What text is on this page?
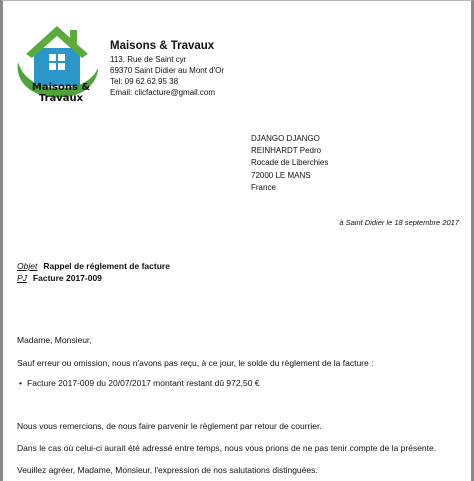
Maisons &
Travaux
Maisons & Travaux
113, Rue de Saint cyr
69370 Saint Didier au Mont d'Or
Tel: 09 62 62 95 38
Email: clicfacture@gmail.com
DJANGO DJANGO
REINHARDT Pedro
Rocade de Liberchies
72000 LE MANS
France
à Saint Didier le 18 septembre 2017
Objet Rappel de réglement de facture
PJ Facture 2017-009
Madame, Monsieur,
Sauf erreur ou omission, nous n'avons pas reçu, à ce jour, le solde du règlement de la facture :
• Facture 2017-009 du 20/07/2017 montant restant dû 972,50 €
Nous vous remercions, de nous faire parvenir le règlement par retour de courrier.
Dans le cas où celui-ci aurait été adressé entre temps, nous vous prions de ne pas tenir compte de la présente.
Veuillez agréer, Madame, Monsieur, l'expression de nos salutations distinguées.
